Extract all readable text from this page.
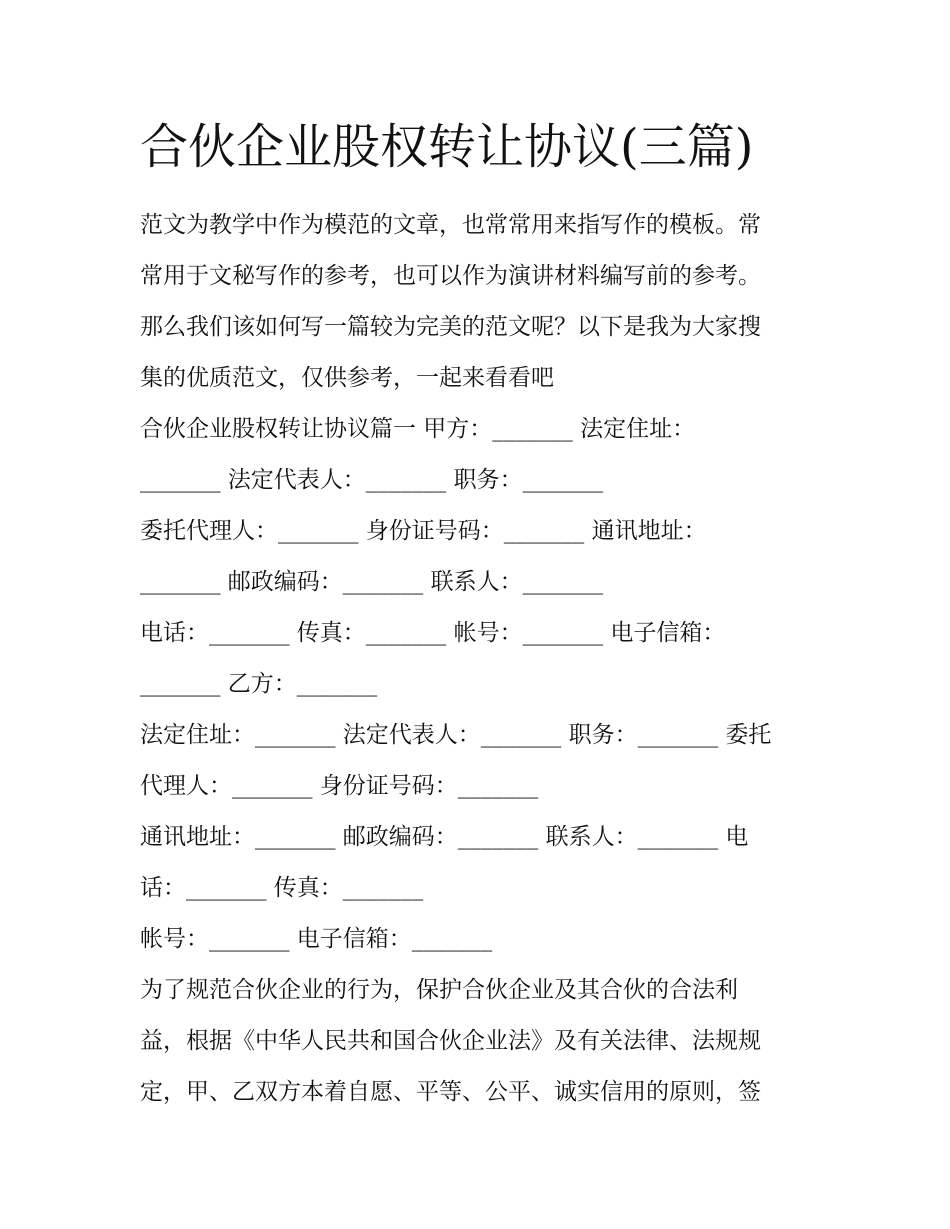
合伙企业股权转让协议(三篇)
范文为教学中作为模范的文章，也常常用来指写作的模板。常
常用于文秘写作的参考，也可以作为演讲材料编写前的参考。
那么我们该如何写一篇较为完美的范文呢？以下是我为大家搜
集的优质范文，仅供参考，一起来看看吧
合伙企业股权转让协议篇一 甲方：_______ 法定住址：
_______ 法定代表人：_______ 职务：_______
委托代理人：_______ 身份证号码：_______ 通讯地址：
_______ 邮政编码：_______ 联系人：_______
电话：_______ 传真：_______ 帐号：_______ 电子信箱：
_______ 乙方：_______
法定住址：_______ 法定代表人：_______ 职务：_______ 委托
代理人：_______ 身份证号码：_______
通讯地址：_______ 邮政编码：_______ 联系人：_______ 电
话：_______ 传真：_______
帐号：_______ 电子信箱：_______
为了规范合伙企业的行为，保护合伙企业及其合伙的合法利
益，根据《中华人民共和国合伙企业法》及有关法律、法规规
定，甲、乙双方本着自愿、平等、公平、诚实信用的原则，签
